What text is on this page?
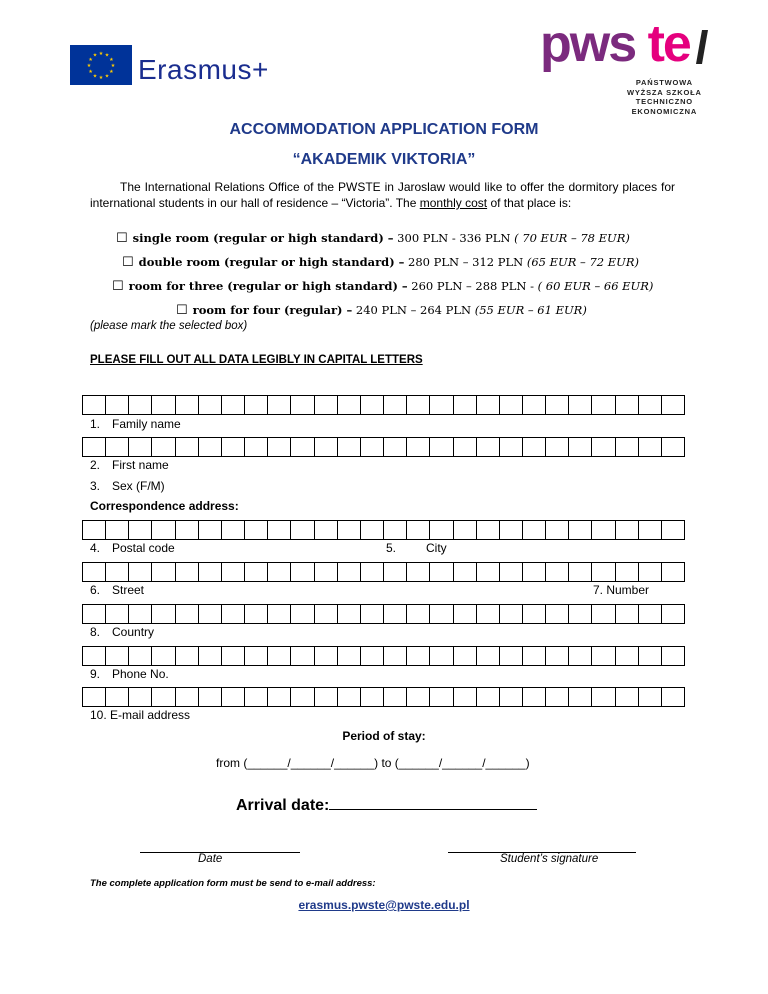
★ ★
★
★
★
★
★
★
★
★
★
★ Erasmus+	pws te
PAŃSTWOWA
WYŻSZA SZKOŁA
TECHNICZNO
EKONOMICZNA
ACCOMMODATION APPLICATION FORM
“AKADEMIK VIKTORIA”
The International Relations Office of the PWSTE in Jaroslaw would like to offer the dormitory places for international students in our hall of residence – “Victoria”. The monthly cost of that place is:
☐ single room (regular or high standard) – 300 PLN - 336 PLN ( 70 EUR – 78 EUR)
☐ double room (regular or high standard) – 280 PLN – 312 PLN (65 EUR – 72 EUR)
☐ room for three (regular or high standard) – 260 PLN – 288 PLN - ( 60 EUR – 66 EUR)
☐ room for four (regular) – 240 PLN – 264 PLN (55 EUR – 61 EUR)
(please mark the selected box)
PLEASE FILL OUT ALL DATA LEGIBLY IN CAPITAL LETTERS
1. Family name
2. First name
3. Sex (F/M)
Correspondence address:
4. Postal code	5. City
6. Street	7. Number
8. Country
9. Phone No.
10. E-mail address
Period of stay:
from (______/______/______) to (______/______/______)
Arrival date:
Date	Student’s signature
The complete application form must be send to e-mail address:
erasmus.pwste@pwste.edu.pl
